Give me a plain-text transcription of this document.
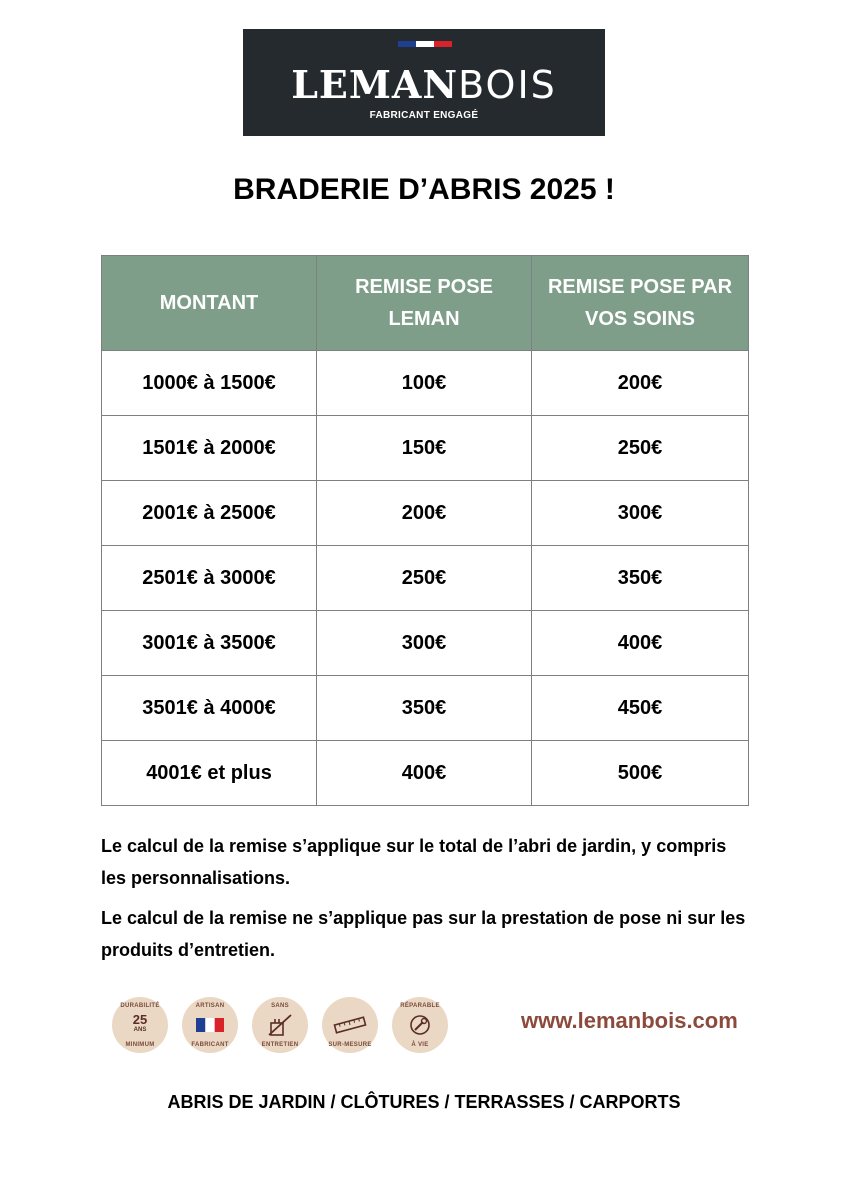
LEMANBOIS
FABRICANT ENGAGÉ
BRADERIE D’ABRIS 2025 !
MONTANT	REMISE POSE LEMAN	REMISE POSE PAR VOS SOINS
1000€ à 1500€	100€	200€
1501€ à 2000€	150€	250€
2001€ à 2500€	200€	300€
2501€ à 3000€	250€	350€
3001€ à 3500€	300€	400€
3501€ à 4000€	350€	450€
4001€ et plus	400€	500€
Le calcul de la remise s’applique sur le total de l’abri de jardin, y compris les personnalisations.
Le calcul de la remise ne s’applique pas sur la prestation de pose ni sur les produits d’entretien.
DURABILITÉ
25
ANS
MINIMUM
ARTISAN
FABRICANT
SANS
ENTRETIEN	SUR-MESURE
RÉPARABLE
À VIE
www.lemanbois.com
ABRIS DE JARDIN / CLÔTURES / TERRASSES / CARPORTS
